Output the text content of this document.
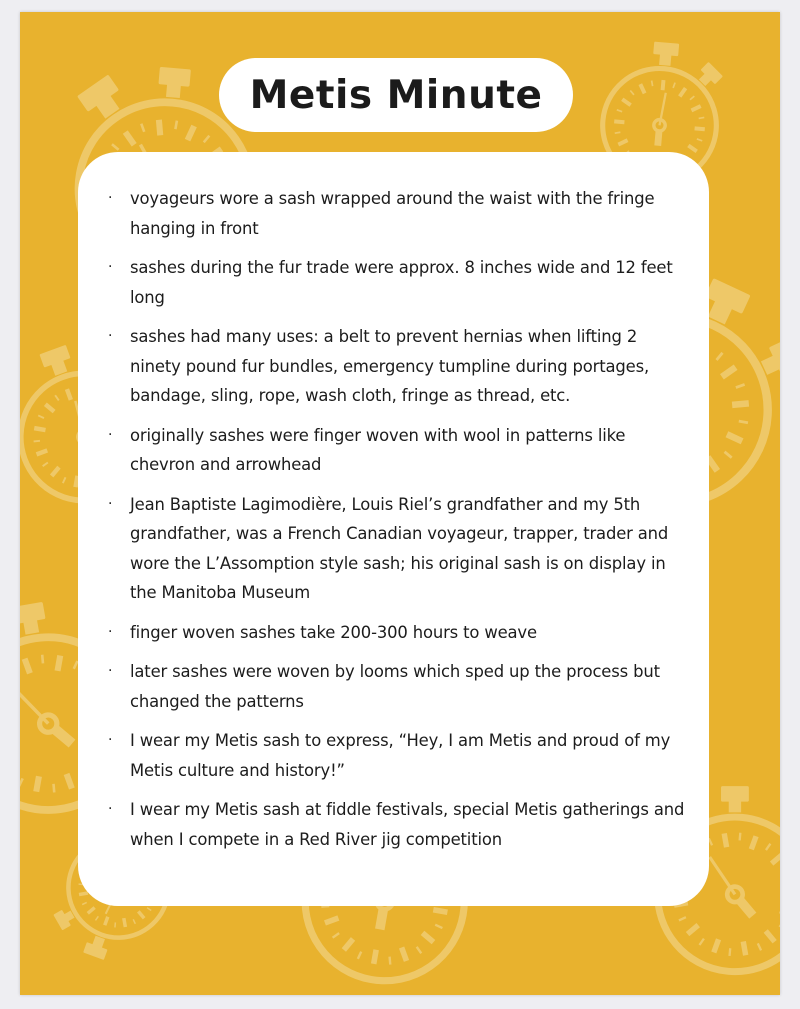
Metis Minute
· voyageurs wore a sash wrapped around the waist with the fringe hanging in front
· sashes during the fur trade were approx. 8 inches wide and 12 feet long
· sashes had many uses: a belt to prevent hernias when lifting 2 ninety pound fur bundles, emergency tumpline during portages, bandage, sling, rope, wash cloth, fringe as thread, etc.
· originally sashes were finger woven with wool in patterns like chevron and arrowhead
· Jean Baptiste Lagimodière, Louis Riel’s grandfather and my 5th grandfather, was a French Canadian voyageur, trapper, trader and wore the L’Assomption style sash; his original sash is on display in the Manitoba Museum
· finger woven sashes take 200-300 hours to weave
· later sashes were woven by looms which sped up the process but changed the patterns
· I wear my Metis sash to express, “Hey, I am Metis and proud of my Metis culture and history!”
· I wear my Metis sash at fiddle festivals, special Metis gatherings and when I compete in a Red River jig competition
